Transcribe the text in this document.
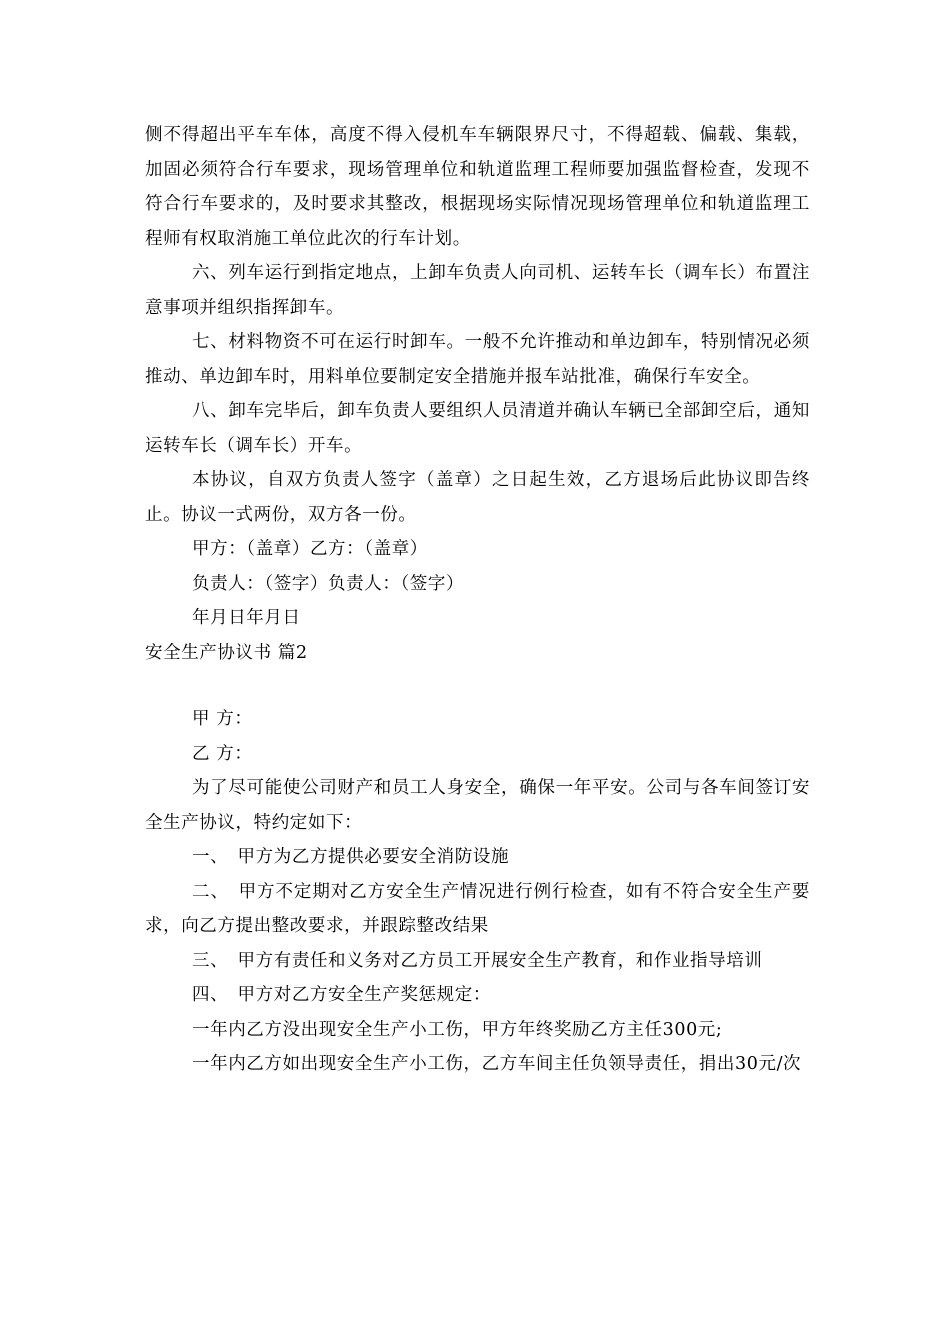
侧不得超出平车车体，高度不得入侵机车车辆限界尺寸，不得超载、偏载、集载，加固必须符合行车要求，现场管理单位和轨道监理工程师要加强监督检查，发现不符合行车要求的，及时要求其整改，根据现场实际情况现场管理单位和轨道监理工程师有权取消施工单位此次的行车计划。

六、列车运行到指定地点，上卸车负责人向司机、运转车长（调车长）布置注意事项并组织指挥卸车。

七、材料物资不可在运行时卸车。一般不允许推动和单边卸车，特别情况必须推动、单边卸车时，用料单位要制定安全措施并报车站批准，确保行车安全。

八、卸车完毕后，卸车负责人要组织人员清道并确认车辆已全部卸空后，通知运转车长（调车长）开车。

本协议，自双方负责人签字（盖章）之日起生效，乙方退场后此协议即告终止。协议一式两份，双方各一份。

甲方：（盖章）乙方：（盖章）

负责人：（签字）负责人：（签字）

年月日年月日

安全生产协议书 篇2

甲 方：

乙 方：

为了尽可能使公司财产和员工人身安全，确保一年平安。公司与各车间签订安全生产协议，特约定如下：

一、　甲方为乙方提供必要安全消防设施

二、　甲方不定期对乙方安全生产情况进行例行检查，如有不符合安全生产要求，向乙方提出整改要求，并跟踪整改结果

三、　甲方有责任和义务对乙方员工开展安全生产教育，和作业指导培训

四、　甲方对乙方安全生产奖惩规定：

一年内乙方没出现安全生产小工伤，甲方年终奖励乙方主任300元;

一年内乙方如出现安全生产小工伤，乙方车间主任负领导责任，捐出30元/次
